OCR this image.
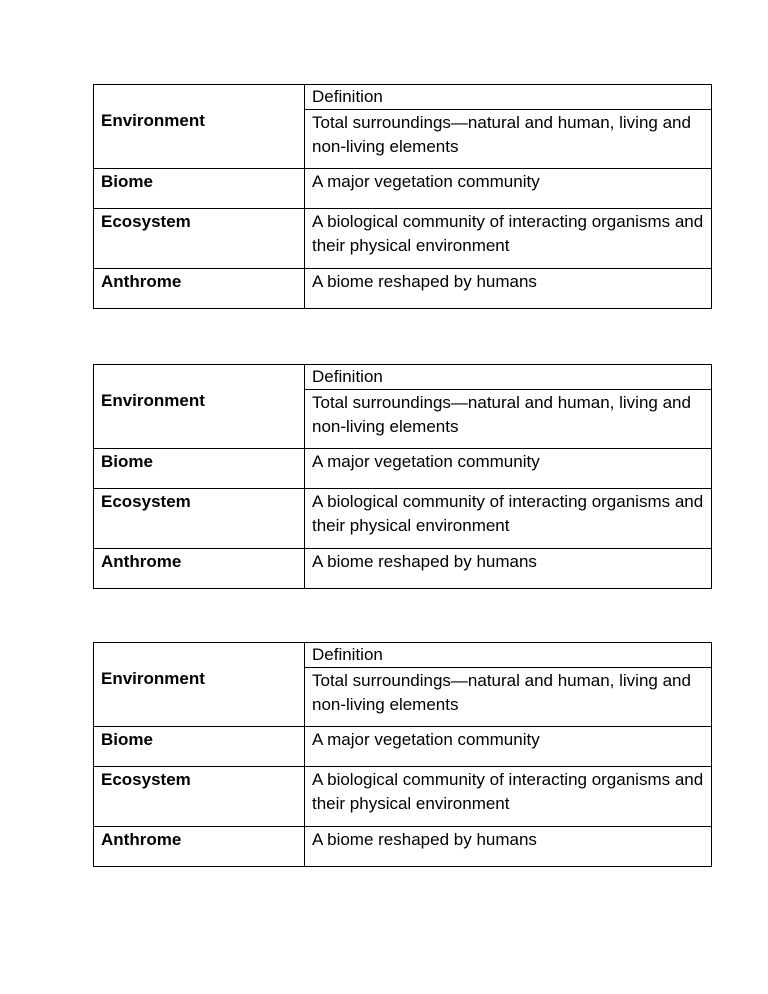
Environment	Definition
Total surroundings—natural and human, living and non-living elements

Biome	A major vegetation community
Ecosystem	A biological community of interacting organisms and their physical environment
Anthrome	A biome reshaped by humans
Environment	Definition
Total surroundings—natural and human, living and non-living elements

Biome	A major vegetation community
Ecosystem	A biological community of interacting organisms and their physical environment
Anthrome	A biome reshaped by humans
Environment	Definition
Total surroundings—natural and human, living and non-living elements

Biome	A major vegetation community
Ecosystem	A biological community of interacting organisms and their physical environment
Anthrome	A biome reshaped by humans
